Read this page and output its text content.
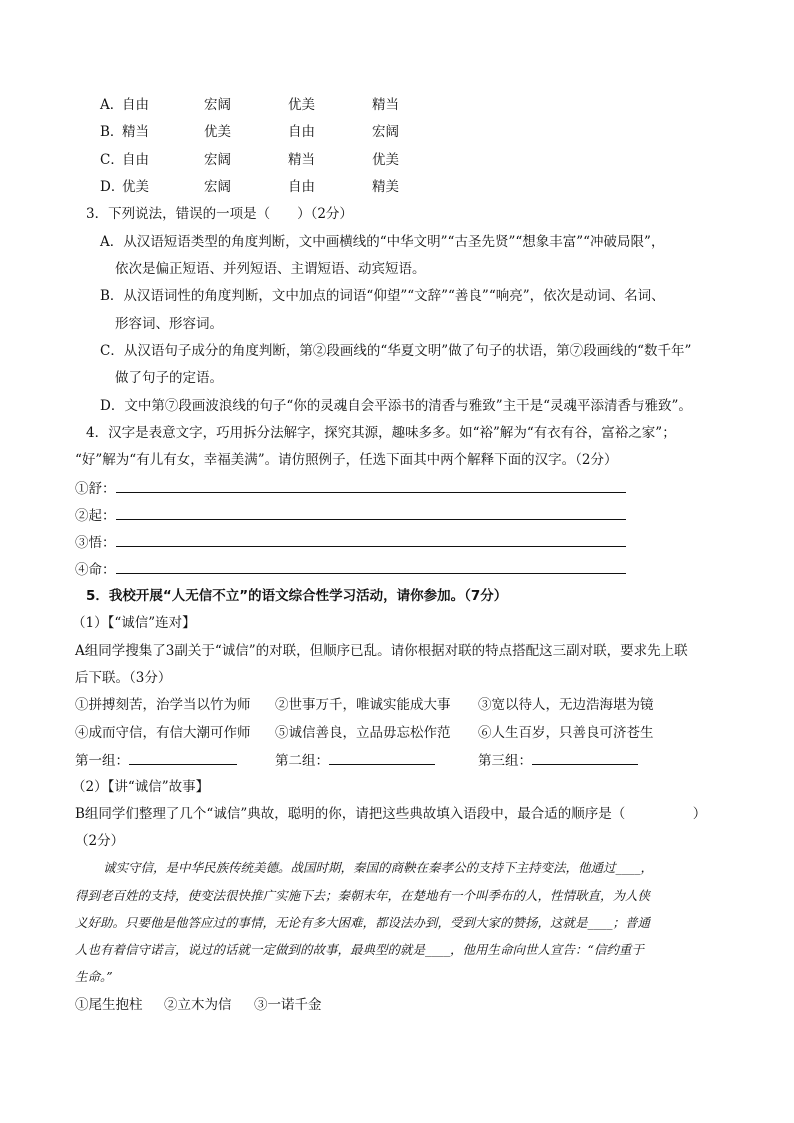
A．
自由	宏阔	优美	精当
B．
精当	优美	自由	宏阔
C．
自由	宏阔	精当	优美
D．
优美	宏阔	自由	精美
3．下列说法，错误的一项是（　　）（2分）
A．从汉语短语类型的角度判断，文中画横线的“中华文明”“古圣先贤”“想象丰富”“冲破局限”，
依次是偏正短语、并列短语、主谓短语、动宾短语。
B．从汉语词性的角度判断，文中加点的词语“仰望”“文辞”“善良”“响亮”，依次是动词、名词、
形容词、形容词。
C．从汉语句子成分的角度判断，第②段画线的“华夏文明”做了句子的状语，第⑦段画线的“数千年”
做了句子的定语。
D．文中第⑦段画波浪线的句子“你的灵魂自会平添书的清香与雅致”主干是“灵魂平添清香与雅致”。
4．汉字是表意文字，巧用拆分法解字，探究其源，趣味多多。如“裕”解为“有衣有谷，富裕之家”；
“好”解为“有儿有女，幸福美满”。请仿照例子，任选下面其中两个解释下面的汉字。（2分）
①舒：
②起：
③悟：
④命：
5．我校开展“人无信不立”的语文综合性学习活动，请你参加。（7分）
（1）【“诚信”连对】
A组同学搜集了3副关于“诚信”的对联，但顺序已乱。请你根据对联的特点搭配这三副对联，要求先上联
后下联。（3分）
①拼搏刻苦，治学当以竹为师 ②世事万千，唯诚实能成大事 ③宽以待人，无边浩海堪为镜
④成而守信，有信大潮可作师 ⑤诚信善良，立品毋忘松作范 ⑥人生百岁，只善良可济苍生
第一组：	第二组：	第三组：
（2）【讲“诚信”故事】
B组同学们整理了几个“诚信”典故，聪明的你，请把这些典故填入语段中，最合适的顺序是（　　　　　）
（2分）
诚实守信，是中华民族传统美德。战国时期，秦国的商鞅在秦孝公的支持下主持变法，他通过____，
得到老百姓的支持，使变法很快推广实施下去；秦朝末年，在楚地有一个叫季布的人，性情耿直，为人侠
义好助。只要他是他答应过的事情，无论有多大困难，都设法办到，受到大家的赞扬，这就是____；普通
人也有着信守诺言，说过的话就一定做到的故事，最典型的就是____，他用生命向世人宣告：“信约重于
生命。”
①尾生抱柱 ②立木为信 ③一诺千金
